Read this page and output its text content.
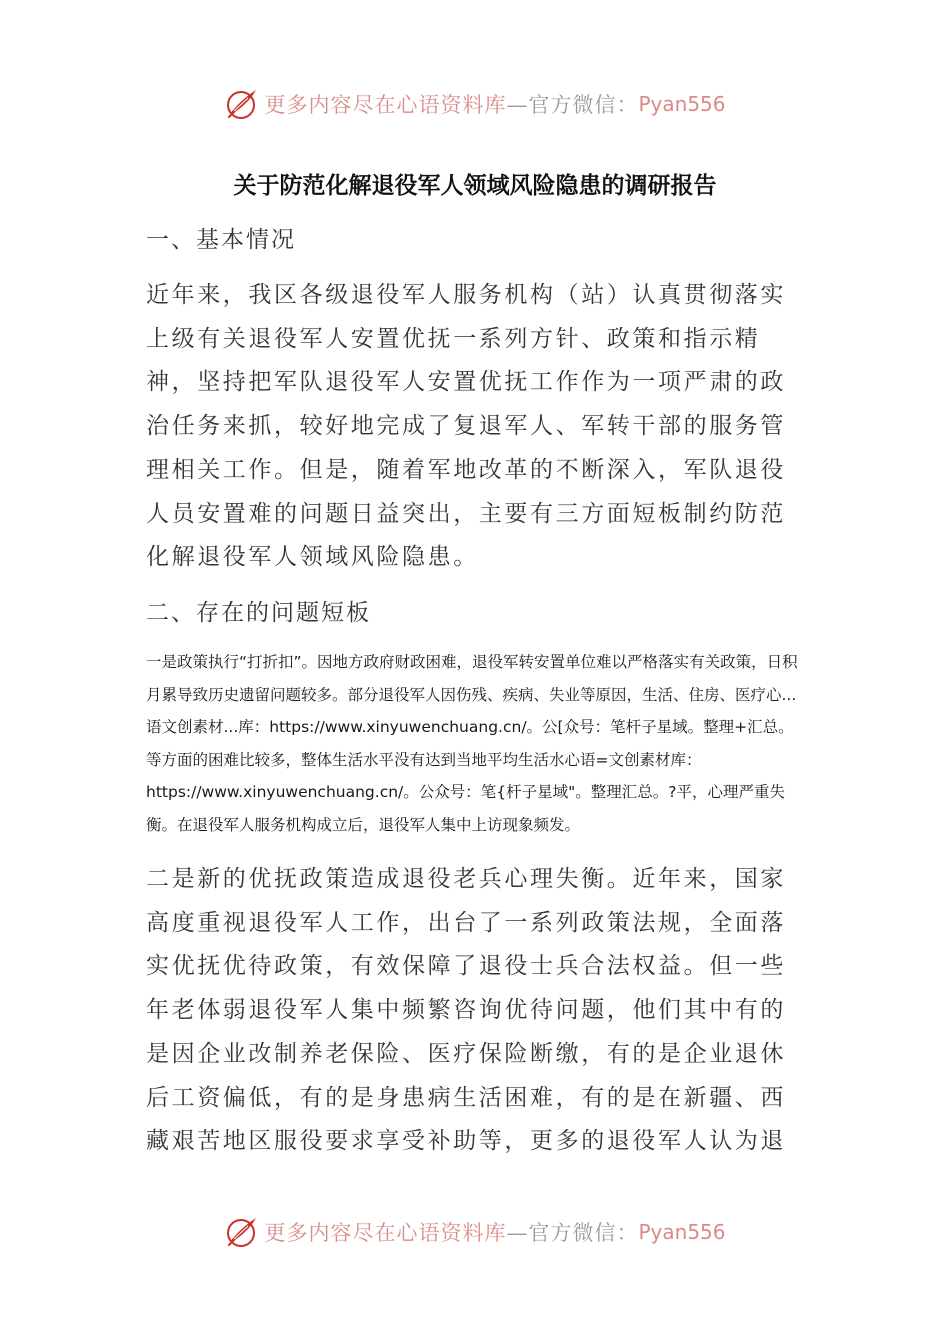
更多内容尽在心语资料库 —官方微信： Pyan556
关于防范化解退役军人领域风险隐患的调研报告
一、基本情况

近年来，我区各级退役军人服务机构（站）认真贯彻落实上级有关退役军人安置优抚一系列方针、政策和指示精神，坚持把军队退役军人安置优抚工作作为一项严肃的政治任务来抓，较好地完成了复退军人、军转干部的服务管理相关工作。但是，随着军地改革的不断深入，军队退役人员安置难的问题日益突出，主要有三方面短板制约防范化解退役军人领域风险隐患。

二、存在的问题短板

一是政策执行“打折扣”。因地方政府财政困难，退役军转安置单位难以严格落实有关政策，日积月累导致历史遗留问题较多。部分退役军人因伤残、疾病、失业等原因，生活、住房、医疗心...语文创素材...库：https://www.xinyuwenchuang.cn/。公[众号：笔杆子星域。整理+汇总。等方面的困难比较多，整体生活水平没有达到当地平均生活水心语=文创素材库：https://www.xinyuwenchuang.cn/。公众号：笔{杆子星域"。整理汇总。?平，心理严重失衡。在退役军人服务机构成立后，退役军人集中上访现象频发。

二是新的优抚政策造成退役老兵心理失衡。近年来，国家高度重视退役军人工作，出台了一系列政策法规，全面落实优抚优待政策，有效保障了退役士兵合法权益。但一些年老体弱退役军人集中频繁咨询优待问题，他们其中有的是因企业改制养老保险、医疗保险断缴，有的是企业退休后工资偏低，有的是身患病生活困难，有的是在新疆、西藏艰苦地区服役要求享受补助等，更多的退役军人认为退

更多内容尽在心语资料库 —官方微信： Pyan556
